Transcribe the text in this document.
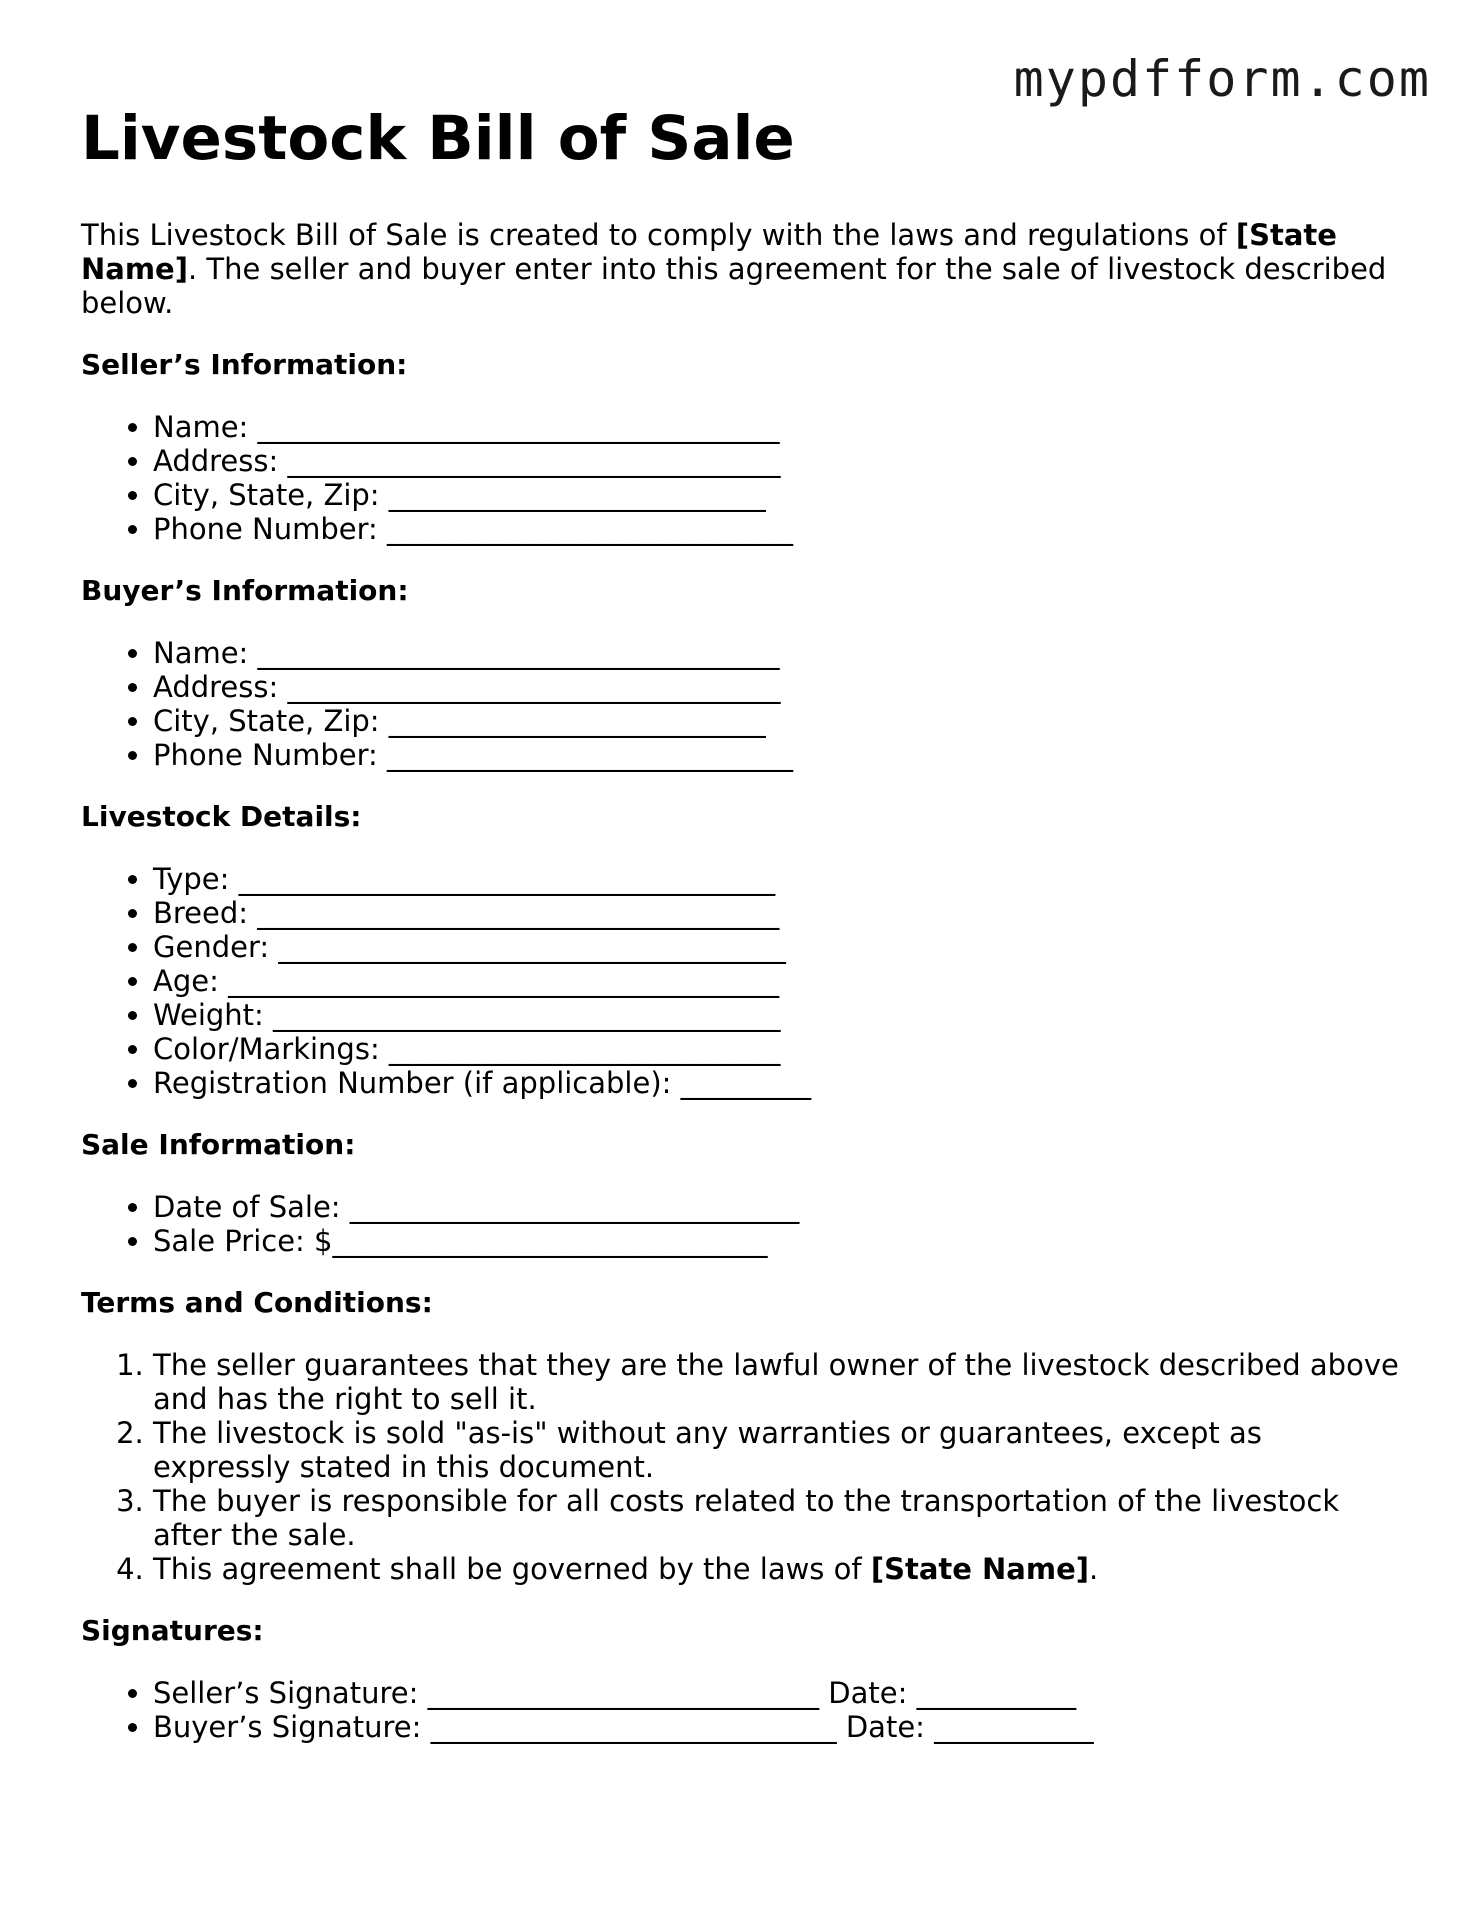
mypdfform.com
Livestock Bill of Sale

This Livestock Bill of Sale is created to comply with the laws and regulations of [State Name]. The seller and buyer enter into this agreement for the sale of livestock described below.

Seller’s Information:
• Name: ____________________________________
• Address: __________________________________
• City, State, Zip: __________________________
• Phone Number: ____________________________
Buyer’s Information:
• Name: ____________________________________
• Address: __________________________________
• City, State, Zip: __________________________
• Phone Number: ____________________________
Livestock Details:
• Type: _____________________________________
• Breed: ____________________________________
• Gender: ___________________________________
• Age: ______________________________________
• Weight: ___________________________________
• Color/Markings: ___________________________
• Registration Number (if applicable): _________
Sale Information:
• Date of Sale: _______________________________
• Sale Price: $______________________________
Terms and Conditions:
1. The seller guarantees that they are the lawful owner of the livestock described above and has the right to sell it.
2. The livestock is sold "as-is" without any warranties or guarantees, except as expressly stated in this document.
3. The buyer is responsible for all costs related to the transportation of the livestock after the sale.
4. This agreement shall be governed by the laws of [State Name].
Signatures:
• Seller’s Signature: ___________________________ Date: ___________
• Buyer’s Signature: ____________________________ Date: ___________
